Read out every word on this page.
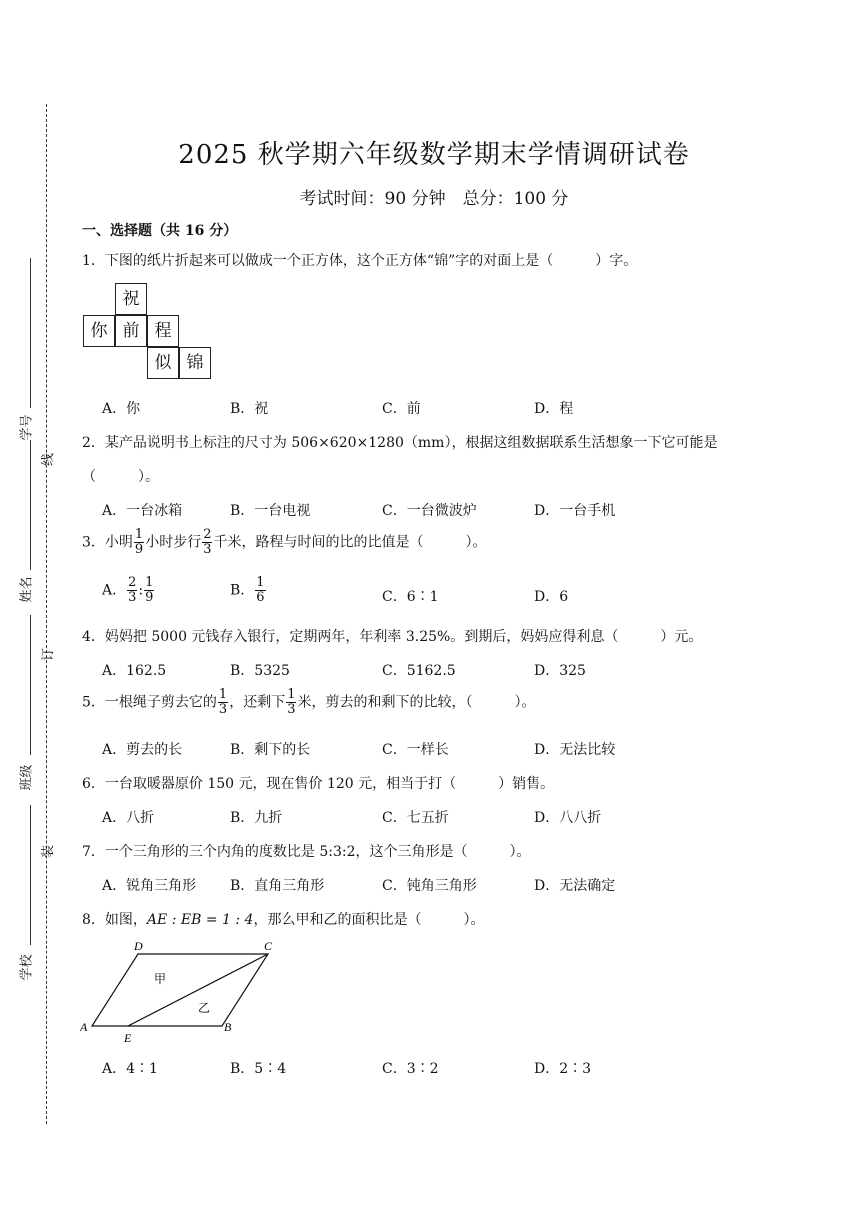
学号
线
姓名
订
班级
装
学校
2025 秋学期六年级数学期末学情调研试卷
考试时间：90 分钟　总分：100 分
一、选择题（共 16 分）
1．下图的纸片折起来可以做成一个正方体，这个正方体“锦”字的对面上是（　　　）字。
祝
你 前 程
似 锦
A．你	B．祝	C．前	D．程
2．某产品说明书上标注的尺寸为 506×620×1280（mm），根据这组数据联系生活想象一下它可能是
（　　　）。
A．一台冰箱	B．一台电视	C．一台微波炉	D．一台手机
3．小明 $\frac{1}{9}$ 小时步行 $\frac{2}{3}$ 千米，路程与时间的比的比值是（　　　）。
A． $\frac{2}{3}$ : $\frac{1}{9}$	B． $\frac{1}{6}$	C．6∶1	D．6
4．妈妈把 5000 元钱存入银行，定期两年，年利率 3.25%。到期后，妈妈应得利息（　　　）元。
A．162.5	B．5325	C．5162.5	D．325
5．一根绳子剪去它的 $\frac{1}{3}$ ，还剩下 $\frac{1}{3}$ 米，剪去的和剩下的比较，（　　　）。
A．剪去的长	B．剩下的长	C．一样长	D．无法比较
6．一台取暖器原价 150 元，现在售价 120 元，相当于打（　　　）销售。
A．八折	B．九折	C．七五折	D．八八折
7．一个三角形的三个内角的度数比是 5:3:2，这个三角形是（　　　）。
A．锐角三角形 B．直角三角形	C．钝角三角形	D．无法确定
8．如图，AE : EB = 1 : 4，那么甲和乙的面积比是（　　　）。
D	C
A	B
E
甲
乙
A．4∶1	B．5∶4	C．3∶2	D．2∶3
